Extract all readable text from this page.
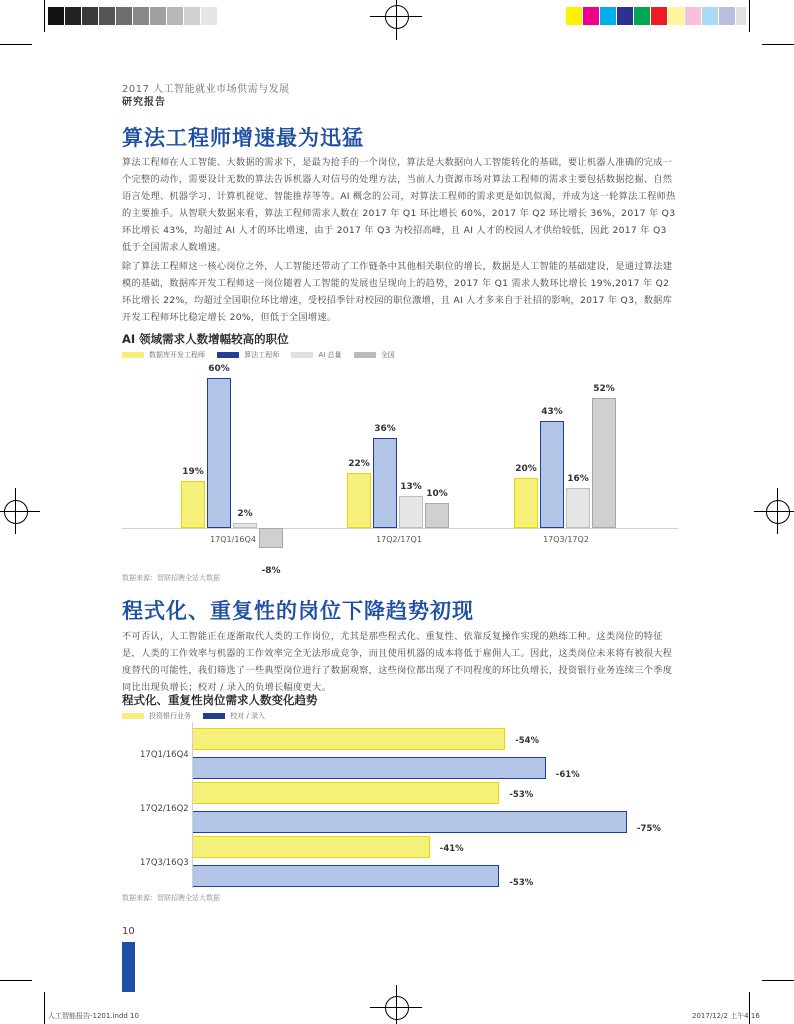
2017 人工智能就业市场供需与发展
研究报告
算法工程师增速最为迅猛

算法工程师在人工智能、大数据的需求下，是最为抢手的一个岗位，算法是大数据向人工智能转化的基础，要让机器人准确的完成一个完整的动作，需要设计无数的算法告诉机器人对信号的处理方法，当前人力资源市场对算法工程师的需求主要包括数据挖掘、自然语言处理、机器学习、计算机视觉、智能推荐等等。AI 概念的公司，对算法工程师的需求更是如饥似渴，并成为这一轮算法工程师热的主要推手。从智联大数据来看，算法工程师需求人数在 2017 年 Q1 环比增长 60%，2017 年 Q2 环比增长 36%，2017 年 Q3 环比增长 43%，均超过 AI 人才的环比增速，由于 2017 年 Q3 为校招高峰，且 AI 人才的校园人才供给较低，因此 2017 年 Q3 低于全国需求人数增速。

除了算法工程师这一核心岗位之外，人工智能还带动了工作链条中其他相关职位的增长，数据是人工智能的基础建设，是通过算法建模的基础，数据库开发工程师这一岗位随着人工智能的发展也呈现向上的趋势，2017 年 Q1 需求人数环比增长 19%,2017 年 Q2 环比增长 22%，均超过全国职位环比增速，受校招季针对校园的职位激增，且 AI 人才多来自于社招的影响，2017 年 Q3，数据库开发工程师环比稳定增长 20%，但低于全国增速。

AI 领域需求人数增幅较高的职位
数据库开发工程师	算法工程师	AI 总量	全国
19%
60%
2%
-8%
17Q1/16Q4
22%
36%
13%
10%
17Q2/17Q1
20%
43%
16%
52%
17Q3/17Q2
数据来源：智联招聘全站大数据
程式化、重复性的岗位下降趋势初现

不可否认，人工智能正在逐渐取代人类的工作岗位，尤其是那些程式化、重复性、依靠反复操作实现的熟练工种。这类岗位的特征是，人类的工作效率与机器的工作效率完全无法形成竞争，而且使用机器的成本将低于雇佣人工。因此，这类岗位未来将有被很大程度替代的可能性，我们筛选了一些典型岗位进行了数据观察，这些岗位都出现了不同程度的环比负增长，投资银行业务连续三个季度同比出现负增长；校对 / 录入的负增长幅度更大。

程式化、重复性岗位需求人数变化趋势
投资银行业务	校对 / 录入
-54%
-61%
17Q1/16Q4
-53%
-75%
17Q2/16Q2
-41%
-53%
17Q3/16Q3
数据来源：智联招聘全站大数据
10
人工智能报告-1201.indd 10	2017/12/2 上午4:16
